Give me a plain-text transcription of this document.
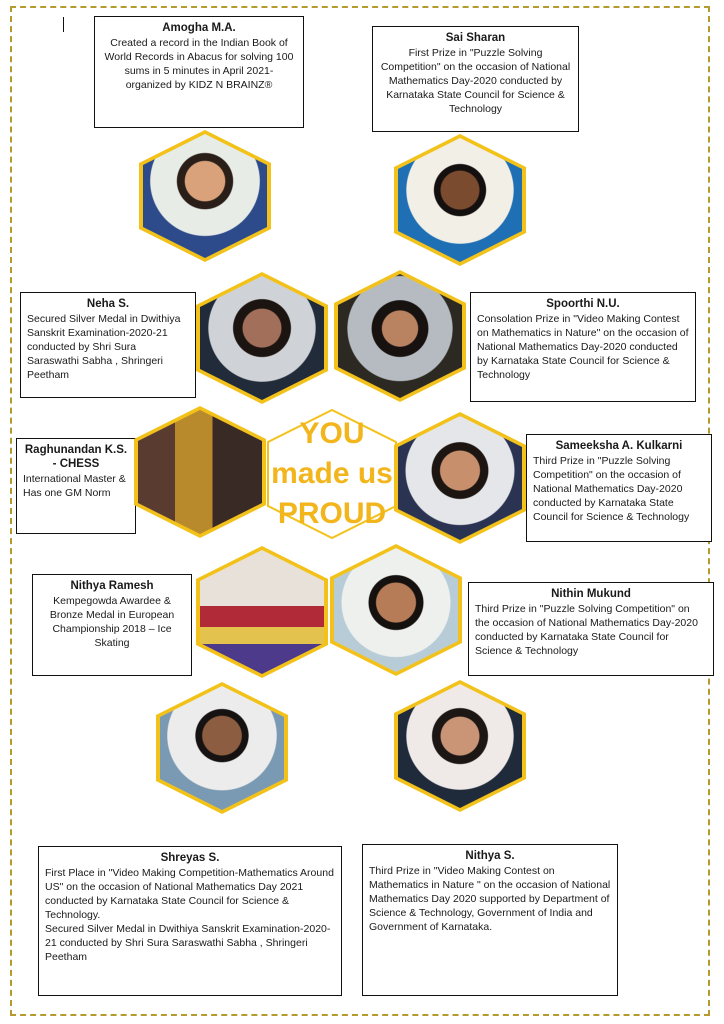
Amogha M.A.
Created a record in the Indian Book of World Records in Abacus for solving 100 sums in 5 minutes in April 2021- organized by KIDZ N BRAINZ®
Sai Sharan
First Prize in "Puzzle Solving Competition" on the occasion of National Mathematics Day-2020 conducted by Karnataka State Council for Science & Technology
Neha S.
Secured Silver Medal in Dwithiya Sanskrit Examination-2020-21 conducted by Shri Sura Saraswathi Sabha , Shringeri Peetham
Spoorthi N.U.
Consolation Prize in "Video Making Contest on Mathematics in Nature" on the occasion of National Mathematics Day-2020 conducted by Karnataka State Council for Science & Technology
Raghunandan K.S. - CHESS
International Master & Has one GM Norm
Sameeksha A. Kulkarni
Third Prize in "Puzzle Solving Competition" on the occasion of National Mathematics Day-2020 conducted by Karnataka State Council for Science & Technology
Nithya Ramesh
Kempegowda Awardee & Bronze Medal in European Championship 2018 – Ice Skating
Nithin Mukund
Third Prize in "Puzzle Solving Competition" on the occasion of National Mathematics Day-2020 conducted by Karnataka State Council for Science & Technology
Shreyas S.
First Place in "Video Making Competition-Mathematics Around US" on the occasion of National Mathematics Day 2021 conducted by Karnataka State Council for Science & Technology.
Secured Silver Medal in Dwithiya Sanskrit Examination-2020-21 conducted by Shri Sura Saraswathi Sabha , Shringeri Peetham
Nithya S.
Third Prize in "Video Making Contest on Mathematics in Nature " on the occasion of National Mathematics Day 2020 supported by Department of Science & Technology, Government of India and Government of Karnataka.
YOU
made us
PROUD
